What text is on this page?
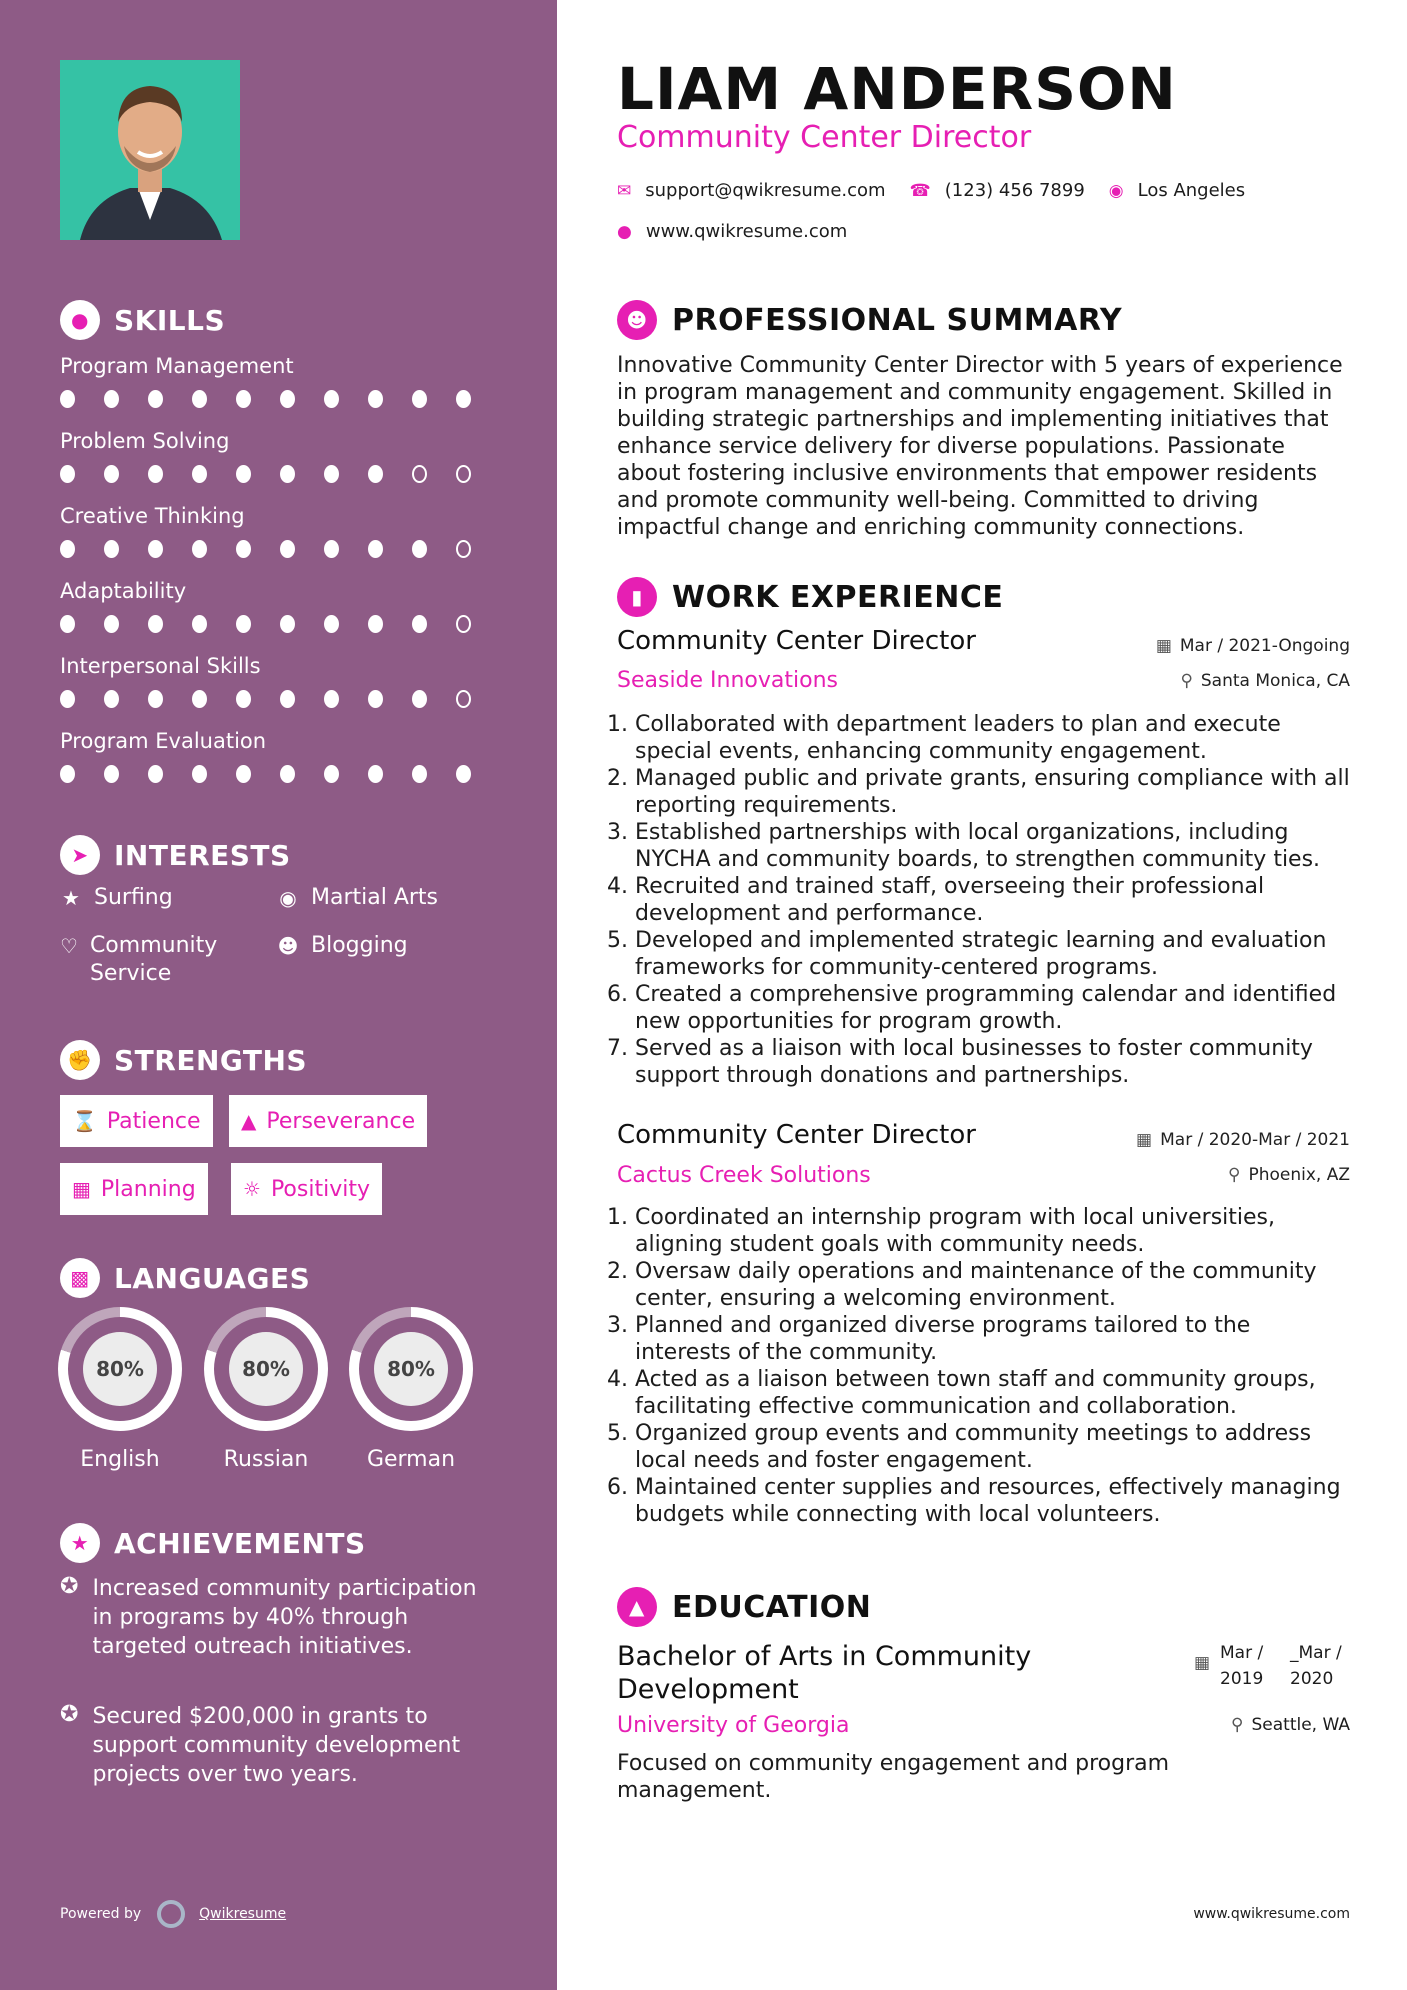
● SKILLS
Program Management
Problem Solving
Creative Thinking
Adaptability
Interpersonal Skills
Program Evaluation
➤ INTERESTS
★ Surfing	◉ Martial Arts
♡ Community Service
☻ Blogging
✊ STRENGTHS
⌛ Patience ▲ Perseverance
▦ Planning ☼ Positivity
▩ LANGUAGES
80%
English
80%
Russian
80%
German
★ ACHIEVEMENTS
✪ Increased community participation in programs by 40% through targeted outreach initiatives.
✪ Secured $200,000 in grants to support community development projects over two years.
Powered by	Qwikresume
LIAM ANDERSON
Community Center Director
✉ support@qwikresume.com ☎ (123) 456 7899 ◉ Los Angeles
● www.qwikresume.com
☻ PROFESSIONAL SUMMARY
Innovative Community Center Director with 5 years of experience in program management and community engagement. Skilled in building strategic partnerships and implementing initiatives that enhance service delivery for diverse populations. Passionate about fostering inclusive environments that empower residents and promote community well-being. Committed to driving impactful change and enriching community connections.
▮ WORK EXPERIENCE
Community Center Director	▦ Mar / 2021-Ongoing
Seaside Innovations	⚲ Santa Monica, CA
1. Collaborated with department leaders to plan and execute special events, enhancing community engagement.
2. Managed public and private grants, ensuring compliance with all reporting requirements.
3. Established partnerships with local organizations, including NYCHA and community boards, to strengthen community ties.
4. Recruited and trained staff, overseeing their professional development and performance.
5. Developed and implemented strategic learning and evaluation frameworks for community-centered programs.
6. Created a comprehensive programming calendar and identified new opportunities for program growth.
7. Served as a liaison with local businesses to foster community support through donations and partnerships.
Community Center Director	▦ Mar / 2020-Mar / 2021
Cactus Creek Solutions	⚲ Phoenix, AZ
1. Coordinated an internship program with local universities, aligning student goals with community needs.
2. Oversaw daily operations and maintenance of the community center, ensuring a welcoming environment.
3. Planned and organized diverse programs tailored to the interests of the community.
4. Acted as a liaison between town staff and community groups, facilitating effective communication and collaboration.
5. Organized group events and community meetings to address local needs and foster engagement.
6. Maintained center supplies and resources, effectively managing budgets while connecting with local volunteers.
▲ EDUCATION
Bachelor of Arts in Community Development
▦ Mar / 2019
_Mar / 2020
University of Georgia	⚲ Seattle, WA
Focused on community engagement and program management.
www.qwikresume.com
